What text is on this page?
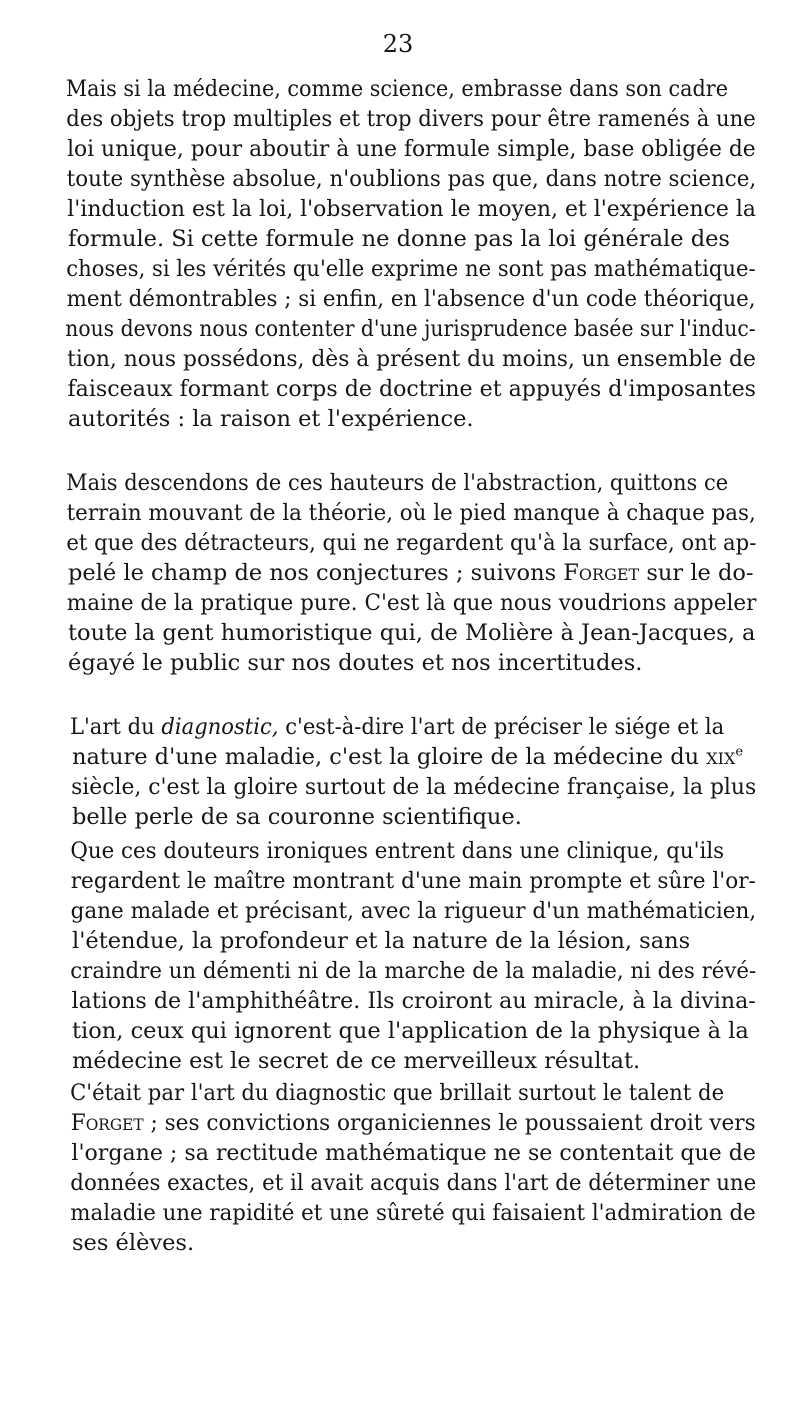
23

Mais si la médecine, comme science, embrasse dans son cadre
des objets trop multiples et trop divers pour être ramenés à une
loi unique, pour aboutir à une formule simple, base obligée de
toute synthèse absolue, n'oublions pas que, dans notre science,
l'induction est la loi, l'observation le moyen, et l'expérience la
formule. Si cette formule ne donne pas la loi générale des
choses, si les vérités qu'elle exprime ne sont pas mathématique-
ment démontrables ; si enfin, en l'absence d'un code théorique,
nous devons nous contenter d'une jurisprudence basée sur l'induc-
tion, nous possédons, dès à présent du moins, un ensemble de
faisceaux formant corps de doctrine et appuyés d'imposantes
autorités : la raison et l'expérience.

Mais descendons de ces hauteurs de l'abstraction, quittons ce
terrain mouvant de la théorie, où le pied manque à chaque pas,
et que des détracteurs, qui ne regardent qu'à la surface, ont ap-
pelé le champ de nos conjectures ; suivons Forget sur le do-
maine de la pratique pure. C'est là que nous voudrions appeler
toute la gent humoristique qui, de Molière à Jean-Jacques, a
égayé le public sur nos doutes et nos incertitudes.

L'art du diagnostic, c'est-à-dire l'art de préciser le siége et la
nature d'une maladie, c'est la gloire de la médecine du xix$^e$
siècle, c'est la gloire surtout de la médecine française, la plus
belle perle de sa couronne scientifique.

Que ces douteurs ironiques entrent dans une clinique, qu'ils
regardent le maître montrant d'une main prompte et sûre l'or-
gane malade et précisant, avec la rigueur d'un mathématicien,
l'étendue, la profondeur et la nature de la lésion, sans
craindre un démenti ni de la marche de la maladie, ni des révé-
lations de l'amphithéâtre. Ils croiront au miracle, à la divina-
tion, ceux qui ignorent que l'application de la physique à la
médecine est le secret de ce merveilleux résultat.

C'était par l'art du diagnostic que brillait surtout le talent de
Forget ; ses convictions organiciennes le poussaient droit vers
l'organe ; sa rectitude mathématique ne se contentait que de
données exactes, et il avait acquis dans l'art de déterminer une
maladie une rapidité et une sûreté qui faisaient l'admiration de
ses élèves.
